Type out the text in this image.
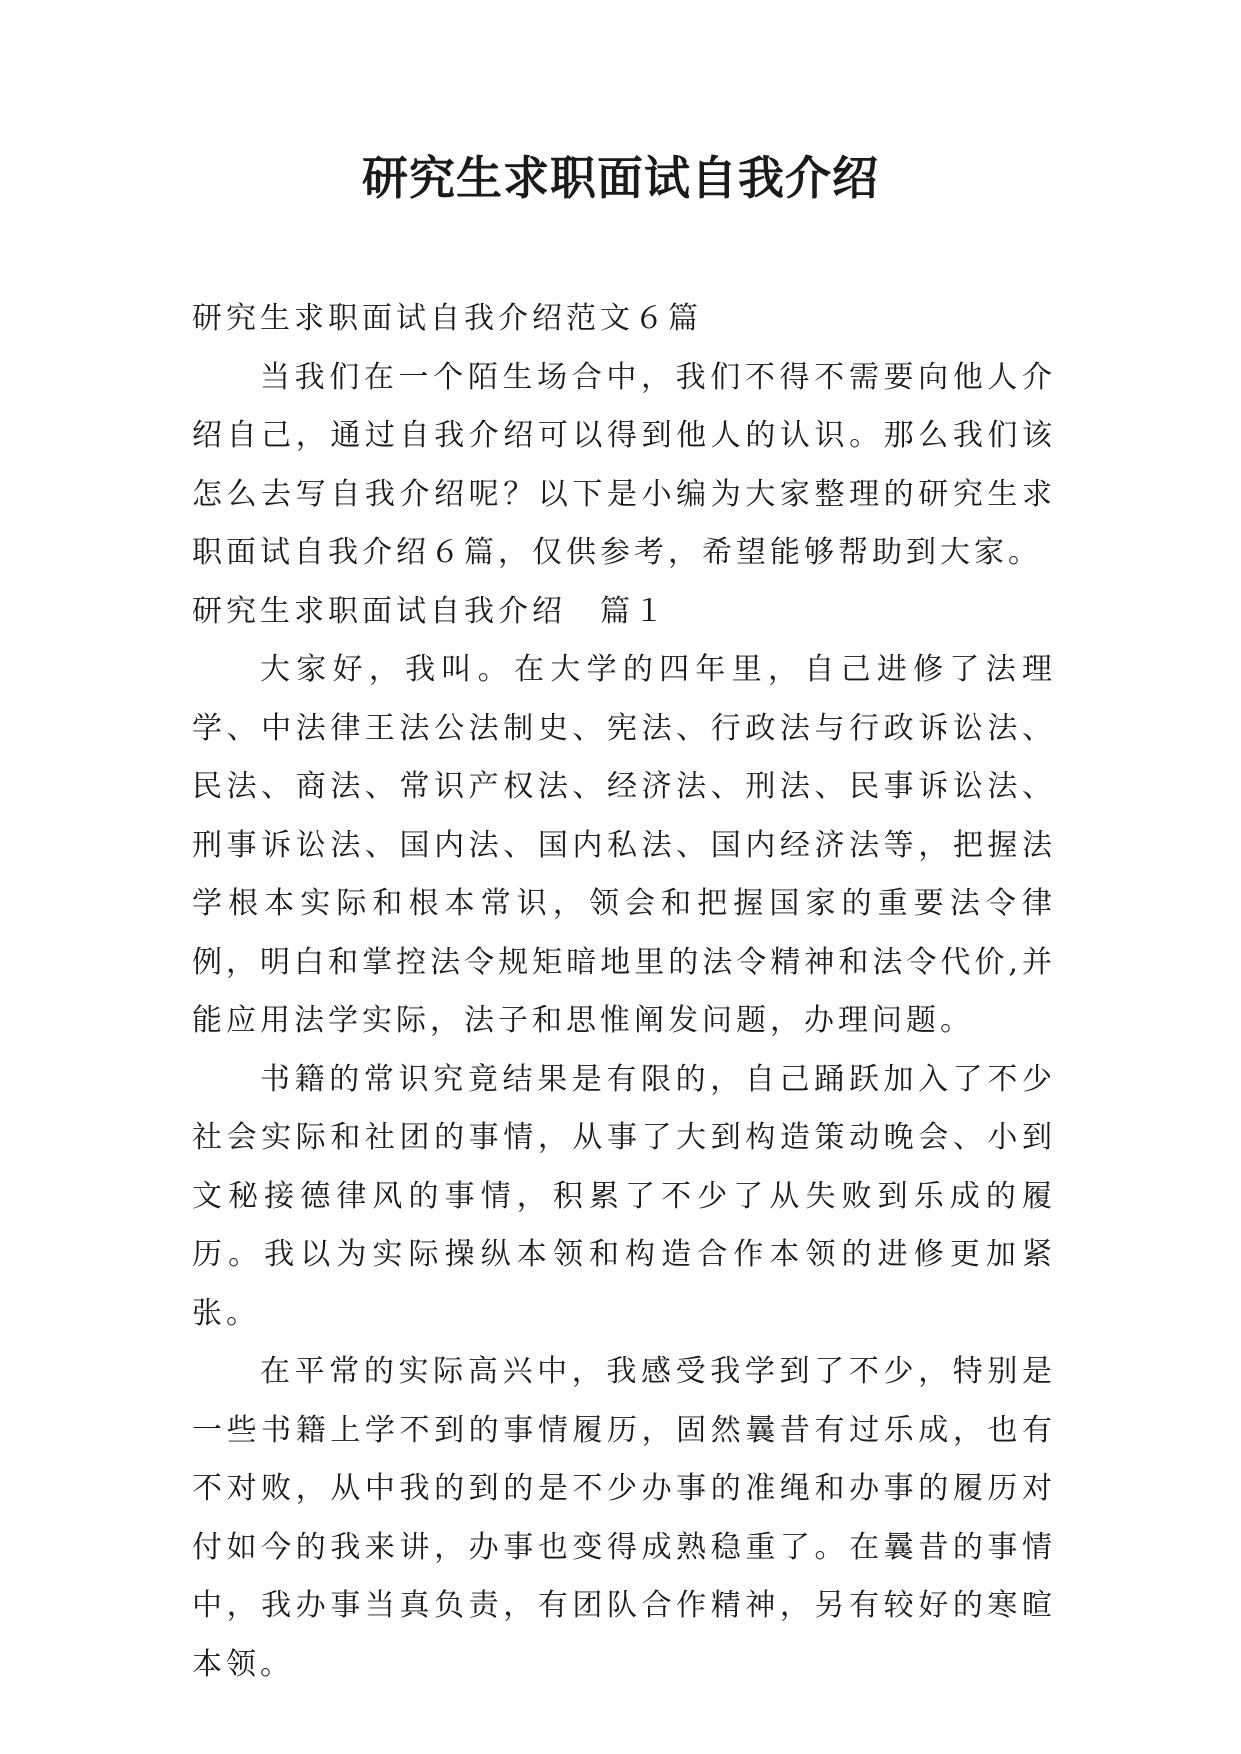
研究生求职面试自我介绍

研究生求职面试自我介绍范文６篇

当我们在一个陌生场合中，我们不得不需要向他人介绍自己，通过自我介绍可以得到他人的认识。那么我们该怎么去写自我介绍呢？以下是小编为大家整理的研究生求职面试自我介绍６篇，仅供参考，希望能够帮助到大家。

研究生求职面试自我介绍　篇１

大家好，我叫。在大学的四年里，自己进修了法理学、中法律王法公法制史、宪法、行政法与行政诉讼法、民法、商法、常识产权法、经济法、刑法、民事诉讼法、刑事诉讼法、国内法、国内私法、国内经济法等，把握法学根本实际和根本常识，领会和把握国家的重要法令律例，明白和掌控法令规矩暗地里的法令精神和法令代价,并能应用法学实际，法子和思惟阐发问题，办理问题。

书籍的常识究竟结果是有限的，自己踊跃加入了不少社会实际和社团的事情，从事了大到构造策动晚会、小到文秘接德律风的事情，积累了不少了从失败到乐成的履历。我以为实际操纵本领和构造合作本领的进修更加紧张。

在平常的实际高兴中，我感受我学到了不少，特别是一些书籍上学不到的事情履历，固然曩昔有过乐成，也有不对败，从中我的到的是不少办事的准绳和办事的履历对付如今的我来讲，办事也变得成熟稳重了。在曩昔的事情中，我办事当真负责，有团队合作精神，另有较好的寒暄本领。
